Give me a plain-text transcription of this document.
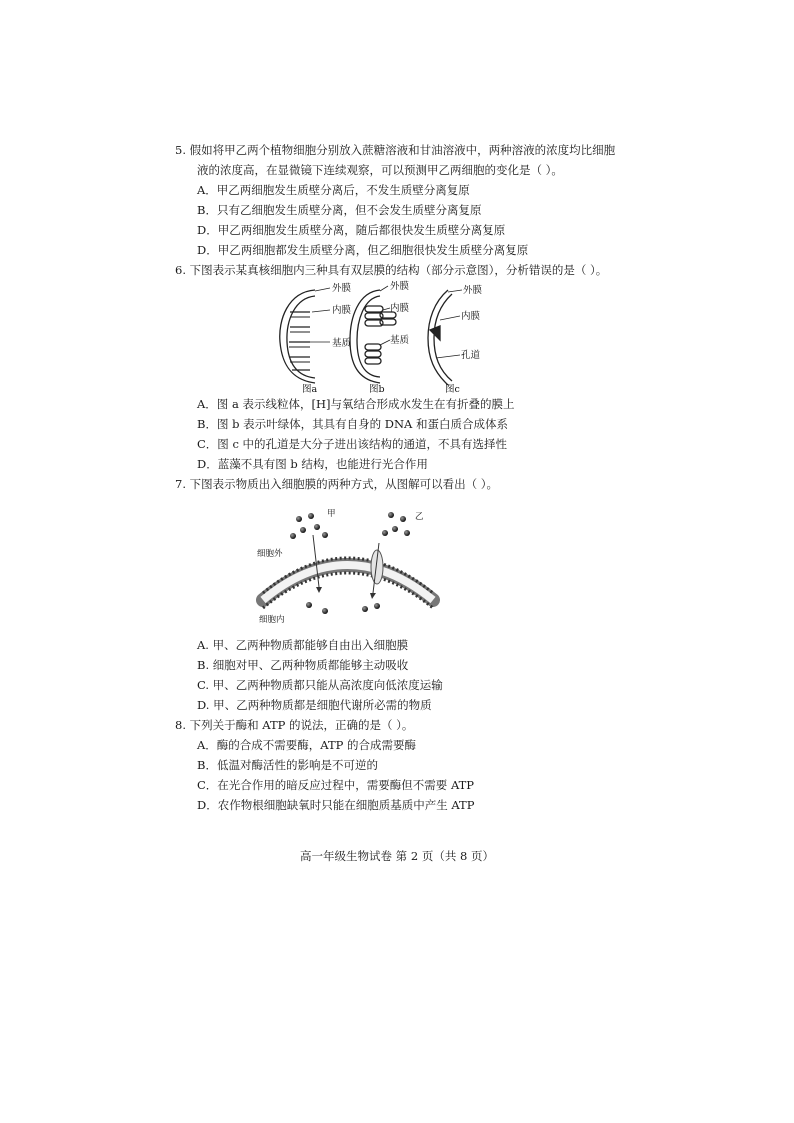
5. 假如将甲乙两个植物细胞分别放入蔗糖溶液和甘油溶液中，两种溶液的浓度均比细胞
液的浓度高，在显微镜下连续观察，可以预测甲乙两细胞的变化是（ ）。
A．甲乙两细胞发生质壁分离后，不发生质壁分离复原
B．只有乙细胞发生质壁分离，但不会发生质壁分离复原
D．甲乙两细胞发生质壁分离，随后都很快发生质壁分离复原
D．甲乙两细胞都发生质壁分离，但乙细胞很快发生质壁分离复原
6. 下图表示某真核细胞内三种具有双层膜的结构（部分示意图），分析错误的是（ ）。
外膜
内膜
基质
外膜
内膜
基质
外膜
内膜
孔道
图a	图b	图c
A．图 a 表示线粒体，[H]与氧结合形成水发生在有折叠的膜上
B．图 b 表示叶绿体，其具有自身的 DNA 和蛋白质合成体系
C．图 c 中的孔道是大分子进出该结构的通道，不具有选择性
D．蓝藻不具有图 b 结构，也能进行光合作用
7. 下图表示物质出入细胞膜的两种方式，从图解可以看出（ ）。
甲	乙
细胞外
细胞内
A. 甲、乙两种物质都能够自由出入细胞膜
B. 细胞对甲、乙两种物质都能够主动吸收
C. 甲、乙两种物质都只能从高浓度向低浓度运输
D. 甲、乙两种物质都是细胞代谢所必需的物质
8. 下列关于酶和 ATP 的说法，正确的是（ ）。
A．酶的合成不需要酶，ATP 的合成需要酶
B．低温对酶活性的影响是不可逆的
C．在光合作用的暗反应过程中，需要酶但不需要 ATP
D．农作物根细胞缺氧时只能在细胞质基质中产生 ATP
高一年级生物试卷 第 2 页（共 8 页）
